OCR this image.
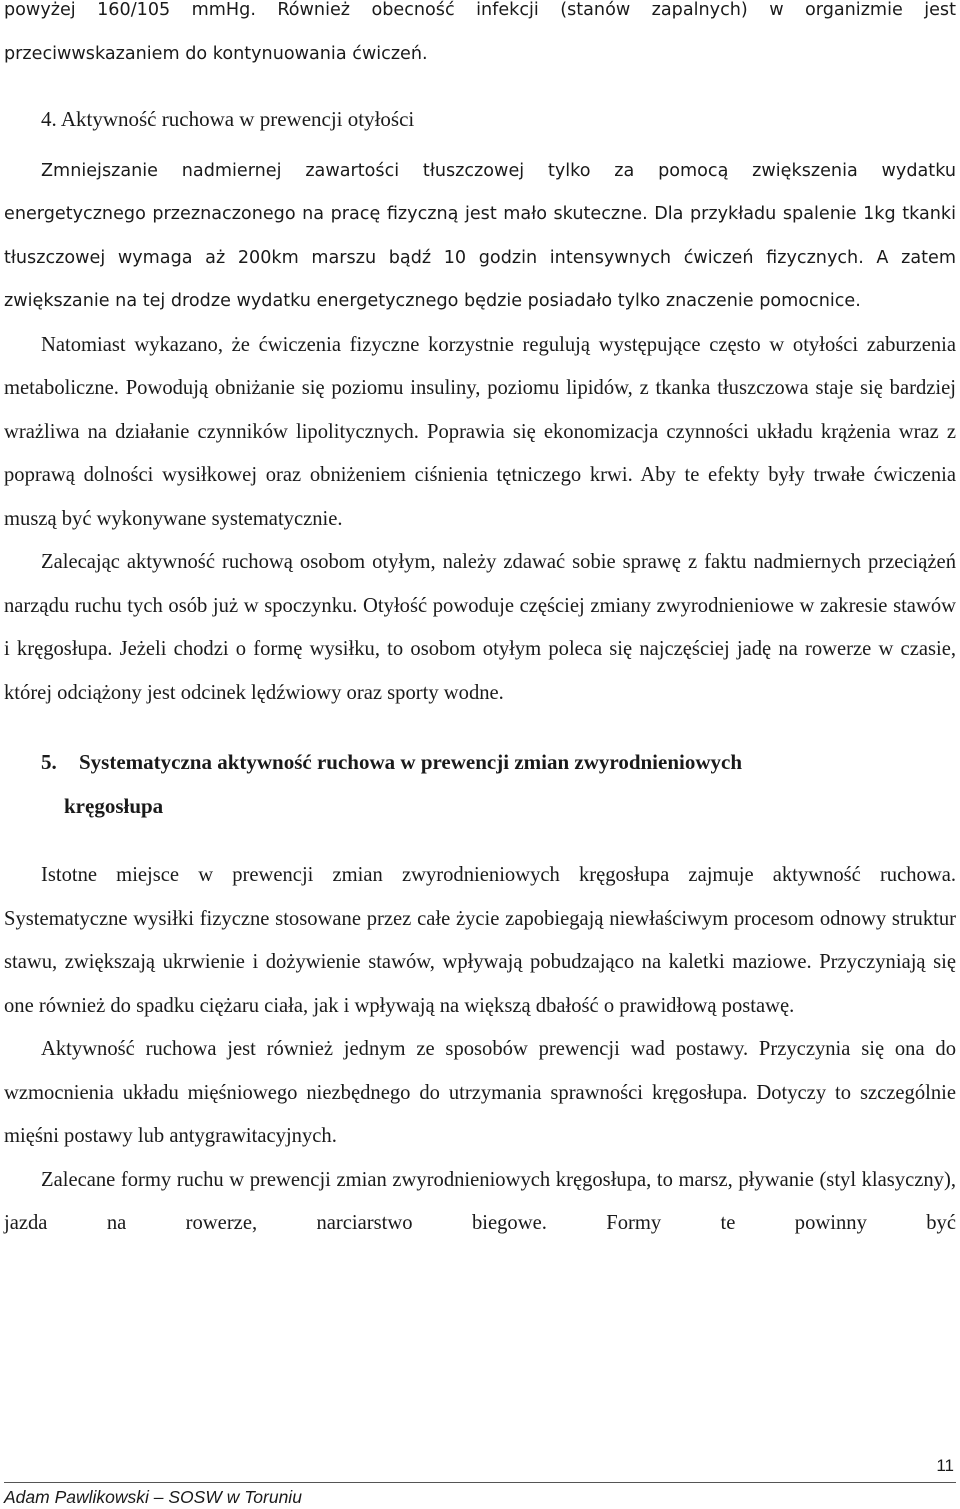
powyżej 160/105 mmHg. Również obecność infekcji (stanów zapalnych) w organizmie jest przeciwwskazaniem do kontynuowania ćwiczeń.

4. Aktywność ruchowa w prewencji otyłości

Zmniejszanie nadmiernej zawartości tłuszczowej tylko za pomocą zwiększenia wydatku energetycznego przeznaczonego na pracę fizyczną jest mało skuteczne. Dla przykładu spalenie 1kg tkanki tłuszczowej wymaga aż 200km marszu bądź 10 godzin intensywnych ćwiczeń fizycznych. A zatem zwiększanie na tej drodze wydatku energetycznego będzie posiadało tylko znaczenie pomocnice.

Natomiast wykazano, że ćwiczenia fizyczne korzystnie regulują występujące często w otyłości zaburzenia metaboliczne. Powodują obniżanie się poziomu insuliny, poziomu lipidów, z tkanka tłuszczowa staje się bardziej wrażliwa na działanie czynników lipolitycznych. Poprawia się ekonomizacja czynności układu krążenia wraz z poprawą dolności wysiłkowej oraz obniżeniem ciśnienia tętniczego krwi. Aby te efekty były trwałe ćwiczenia muszą być wykonywane systematycznie.

Zalecając aktywność ruchową osobom otyłym, należy zdawać sobie sprawę z faktu nadmiernych przeciążeń narządu ruchu tych osób już w spoczynku. Otyłość powoduje częściej zmiany zwyrodnieniowe w zakresie stawów i kręgosłupa. Jeżeli chodzi o formę wysiłku, to osobom otyłym poleca się najczęściej jadę na rowerze w czasie, której odciążony jest odcinek lędźwiowy oraz sporty wodne.

5. Systematyczna aktywność ruchowa w prewencji zmian zwyrodnieniowych
kręgosłupa

Istotne miejsce w prewencji zmian zwyrodnieniowych kręgosłupa zajmuje aktywność ruchowa. Systematyczne wysiłki fizyczne stosowane przez całe życie zapobiegają niewłaściwym procesom odnowy struktur stawu, zwiększają ukrwienie i dożywienie stawów, wpływają pobudzająco na kaletki maziowe. Przyczyniają się one również do spadku ciężaru ciała, jak i wpływają na większą dbałość o prawidłową postawę.

Aktywność ruchowa jest również jednym ze sposobów prewencji wad postawy. Przyczynia się ona do wzmocnienia układu mięśniowego niezbędnego do utrzymania sprawności kręgosłupa. Dotyczy to szczególnie mięśni postawy lub antygrawitacyjnych.

Zalecane formy ruchu w prewencji zmian zwyrodnieniowych kręgosłupa, to marsz, pływanie (styl klasyczny), jazda na rowerze, narciarstwo biegowe. Formy te powinny być

11
Adam Pawlikowski – SOSW w Toruniu
